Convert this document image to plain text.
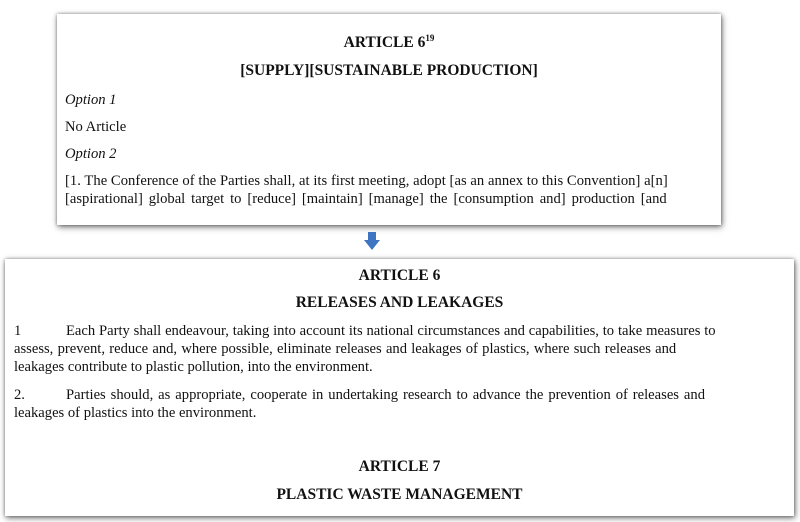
ARTICLE $6^{19}$
[SUPPLY][SUSTAINABLE PRODUCTION]
Option 1
No Article
Option 2
[1. The Conference of the Parties shall, at its first meeting, adopt [as an annex to this Convention] a[n]
[aspirational] global target to [reduce] [maintain] [manage] the [consumption and] production [and
ARTICLE 6
RELEASES AND LEAKAGES
1	Each Party shall endeavour, taking into account its national circumstances and capabilities, to take measures to
assess, prevent, reduce and, where possible, eliminate releases and leakages of plastics, where such releases and
leakages contribute to plastic pollution, into the environment.
2.	Parties should, as appropriate, cooperate in undertaking research to advance the prevention of releases and
leakages of plastics into the environment.
ARTICLE 7
PLASTIC WASTE MANAGEMENT
